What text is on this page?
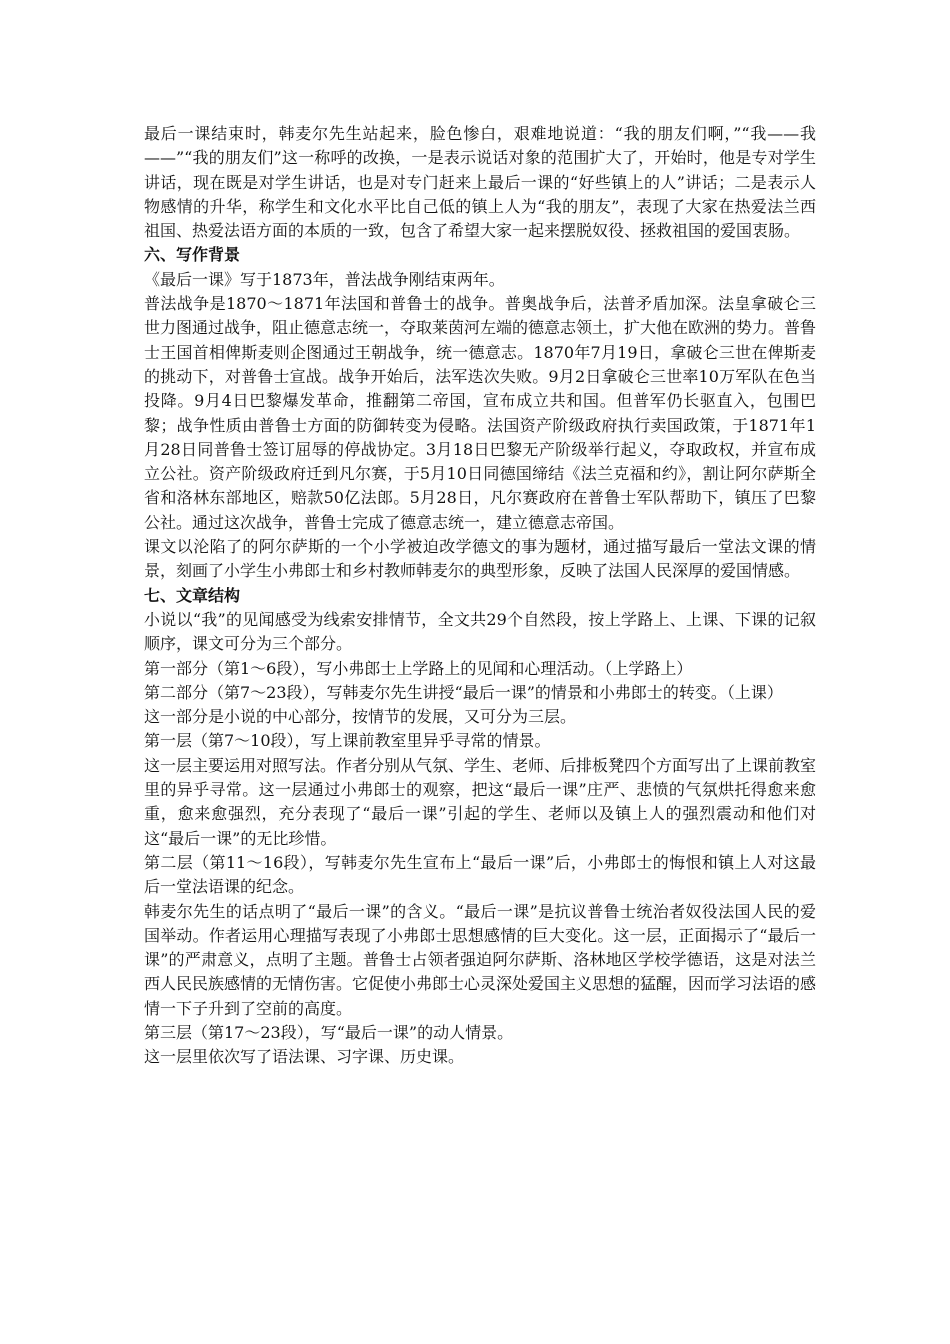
最后一课结束时，韩麦尔先生站起来，脸色惨白，艰难地说道：“我的朋友们啊，”“我——我——”“我的朋友们”这一称呼的改换，一是表示说话对象的范围扩大了，开始时，他是专对学生讲话，现在既是对学生讲话，也是对专门赶来上最后一课的“好些镇上的人”讲话；二是表示人物感情的升华，称学生和文化水平比自己低的镇上人为“我的朋友”，表现了大家在热爱法兰西祖国、热爱法语方面的本质的一致，包含了希望大家一起来摆脱奴役、拯救祖国的爱国衷肠。

六、写作背景

《最后一课》写于1873年，普法战争刚结束两年。

普法战争是1870～1871年法国和普鲁士的战争。普奥战争后，法普矛盾加深。法皇拿破仑三世力图通过战争，阻止德意志统一，夺取莱茵河左端的德意志领土，扩大他在欧洲的势力。普鲁士王国首相俾斯麦则企图通过王朝战争，统一德意志。1870年7月19日，拿破仑三世在俾斯麦的挑动下，对普鲁士宣战。战争开始后，法军迭次失败。9月2日拿破仑三世率10万军队在色当投降。9月4日巴黎爆发革命，推翻第二帝国，宣布成立共和国。但普军仍长驱直入，包围巴黎；战争性质由普鲁士方面的防御转变为侵略。法国资产阶级政府执行卖国政策，于1871年1月28日同普鲁士签订屈辱的停战协定。3月18日巴黎无产阶级举行起义，夺取政权，并宣布成立公社。资产阶级政府迁到凡尔赛，于5月10日同德国缔结《法兰克福和约》，割让阿尔萨斯全省和洛林东部地区，赔款50亿法郎。5月28日，凡尔赛政府在普鲁士军队帮助下，镇压了巴黎公社。通过这次战争，普鲁士完成了德意志统一，建立德意志帝国。

课文以沦陷了的阿尔萨斯的一个小学被迫改学德文的事为题材，通过描写最后一堂法文课的情景，刻画了小学生小弗郎士和乡村教师韩麦尔的典型形象，反映了法国人民深厚的爱国情感。

七、文章结构

小说以“我”的见闻感受为线索安排情节，全文共29个自然段，按上学路上、上课、下课的记叙顺序，课文可分为三个部分。

第一部分（第1～6段），写小弗郎士上学路上的见闻和心理活动。（上学路上）

第二部分（第7～23段），写韩麦尔先生讲授“最后一课”的情景和小弗郎士的转变。（上课）

这一部分是小说的中心部分，按情节的发展，又可分为三层。

第一层（第7～10段），写上课前教室里异乎寻常的情景。

这一层主要运用对照写法。作者分别从气氛、学生、老师、后排板凳四个方面写出了上课前教室里的异乎寻常。这一层通过小弗郎士的观察，把这“最后一课”庄严、悲愤的气氛烘托得愈来愈重，愈来愈强烈，充分表现了“最后一课”引起的学生、老师以及镇上人的强烈震动和他们对这“最后一课”的无比珍惜。

第二层（第11～16段），写韩麦尔先生宣布上“最后一课”后，小弗郎士的悔恨和镇上人对这最后一堂法语课的纪念。

韩麦尔先生的话点明了“最后一课”的含义。“最后一课”是抗议普鲁士统治者奴役法国人民的爱国举动。作者运用心理描写表现了小弗郎士思想感情的巨大变化。这一层，正面揭示了“最后一课”的严肃意义，点明了主题。普鲁士占领者强迫阿尔萨斯、洛林地区学校学德语，这是对法兰西人民民族感情的无情伤害。它促使小弗郎士心灵深处爱国主义思想的猛醒，因而学习法语的感情一下子升到了空前的高度。

第三层（第17～23段），写“最后一课”的动人情景。

这一层里依次写了语法课、习字课、历史课。
